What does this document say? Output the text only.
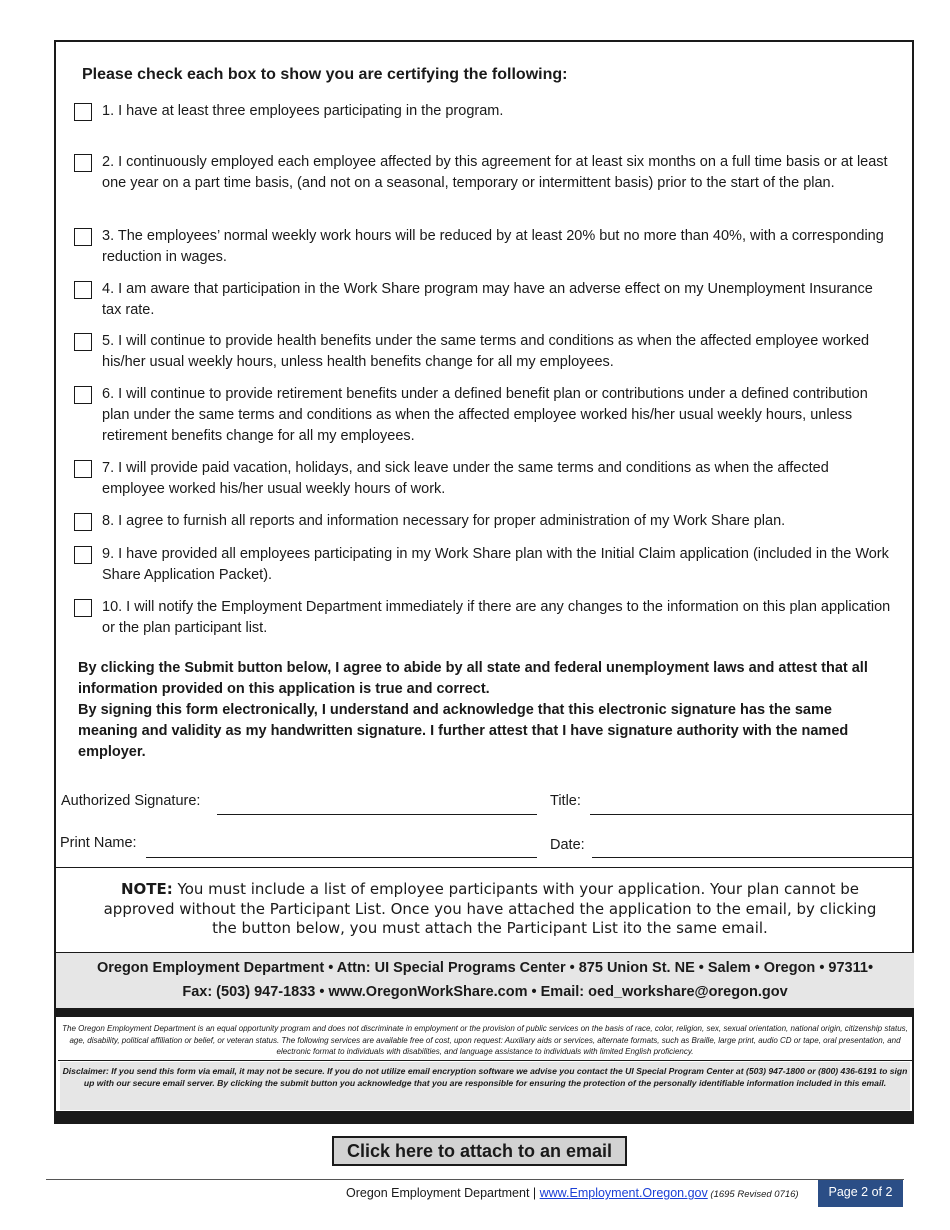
Please check each box to show you are certifying the following:
1. I have at least three employees participating in the program.
2. I continuously employed each employee affected by this agreement for at least six months on a full time basis or at least one year on a part time basis, (and not on a seasonal, temporary or intermittent basis) prior to the start of the plan.
3. The employees’ normal weekly work hours will be reduced by at least 20% but no more than 40%, with a corresponding reduction in wages.
4. I am aware that participation in the Work Share program may have an adverse effect on my Unemployment Insurance tax rate.
5. I will continue to provide health benefits under the same terms and conditions as when the affected employee worked his/her usual weekly hours, unless health benefits change for all my employees.
6. I will continue to provide retirement benefits under a defined benefit plan or contributions under a defined contribution plan under the same terms and conditions as when the affected employee worked his/her usual weekly hours, unless retirement benefits change for all my employees.
7. I will provide paid vacation, holidays, and sick leave under the same terms and conditions as when the affected employee worked his/her usual weekly hours of work.
8. I agree to furnish all reports and information necessary for proper administration of my Work Share plan.
9. I have provided all employees participating in my Work Share plan with the Initial Claim application (included in the Work Share Application Packet).
10. I will notify the Employment Department immediately if there are any changes to the information on this plan application or the plan participant list.
By clicking the Submit button below, I agree to abide by all state and federal unemployment laws and attest that all information provided on this application is true and correct.
By signing this form electronically, I understand and acknowledge that this electronic signature has the same meaning and validity as my handwritten signature. I further attest that I have signature authority with the named employer.
Authorized Signature:	Title:
Print Name:	Date:
NOTE: You must include a list of employee participants with your application. Your plan cannot be approved without the Participant List. Once you have attached the application to the email, by clicking the button below, you must attach the Participant List ito the same email.
Oregon Employment Department • Attn: UI Special Programs Center • 875 Union St. NE • Salem • Oregon • 97311•
Fax: (503) 947-1833 • www.OregonWorkShare.com • Email: oed_workshare@oregon.gov
The Oregon Employment Department is an equal opportunity program and does not discriminate in employment or the provision of public services on the basis of race, color, religion, sex, sexual orientation, national origin, citizenship status, age, disability, political affiliation or belief, or veteran status. The following services are available free of cost, upon request: Auxiliary aids or services, alternate formats, such as Braille, large print, audio CD or tape, oral presentation, and electronic format to individuals with disabilities, and language assistance to individuals with limited English proficiency.
Disclaimer: If you send this form via email, it may not be secure. If you do not utilize email encryption software we advise you contact the UI Special Program Center at (503) 947-1800 or (800) 436-6191 to sign up with our secure email server. By clicking the submit button you acknowledge that you are responsible for ensuring the protection of the personally identifiable information included in this email.
Click here to attach to an email
Oregon Employment Department | www.Employment.Oregon.gov (1695 Revised 0716)	Page 2 of 2
